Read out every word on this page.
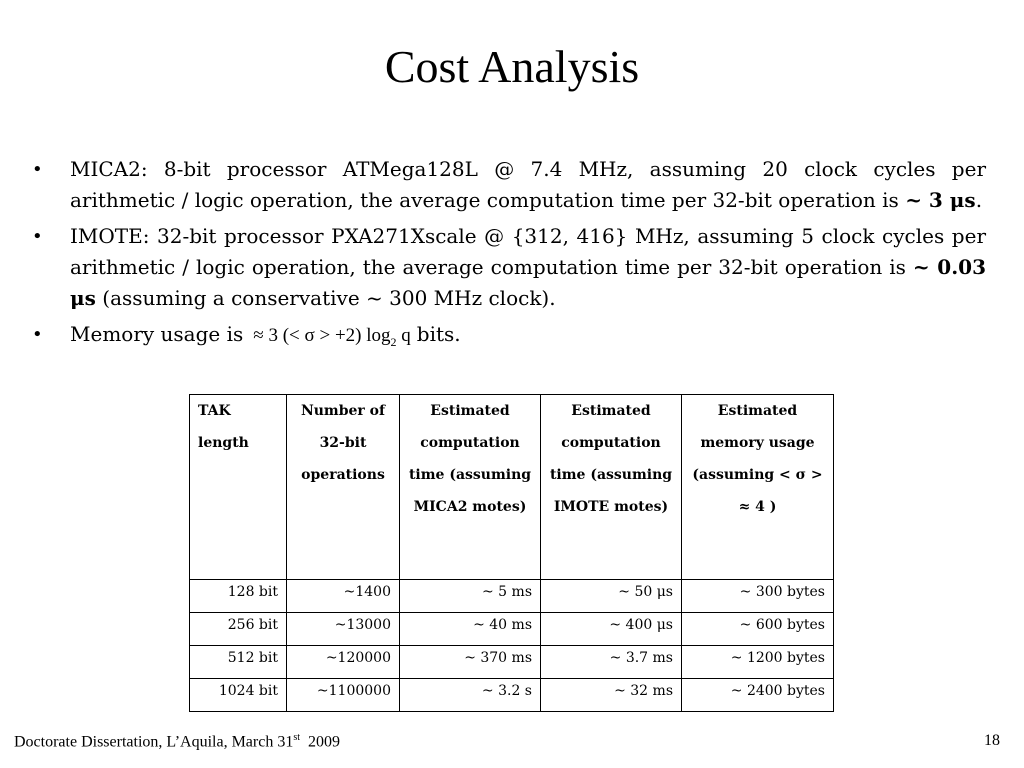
Cost Analysis
• MICA2: 8-bit processor ATMega128L @ 7.4 MHz, assuming 20 clock cycles per arithmetic / logic operation, the average computation time per 32-bit operation is ~ 3 μs.
• IMOTE: 32-bit processor PXA271Xscale @ {312, 416} MHz, assuming 5 clock cycles per arithmetic / logic operation, the average computation time per 32-bit operation is ~ 0.03 μs (assuming a conservative ~ 300 MHz clock).
• Memory usage is ≈ 3 (< σ > +2) $\log_2 q$ bits.
TAK length	Number of 32-bit operations	Estimated computation time (assuming MICA2 motes)	Estimated computation time (assuming IMOTE motes)	Estimated memory usage (assuming < σ > ≈ 4 )
128 bit	~1400	~ 5 ms	~ 50 μs	~ 300 bytes
256 bit	~13000	~ 40 ms	~ 400 μs	~ 600 bytes
512 bit	~120000	~ 370 ms	~ 3.7 ms	~ 1200 bytes
1024 bit	~1100000	~ 3.2 s	~ 32 ms	~ 2400 bytes
Doctorate Dissertation, L’Aquila, March 31st  2009	18
